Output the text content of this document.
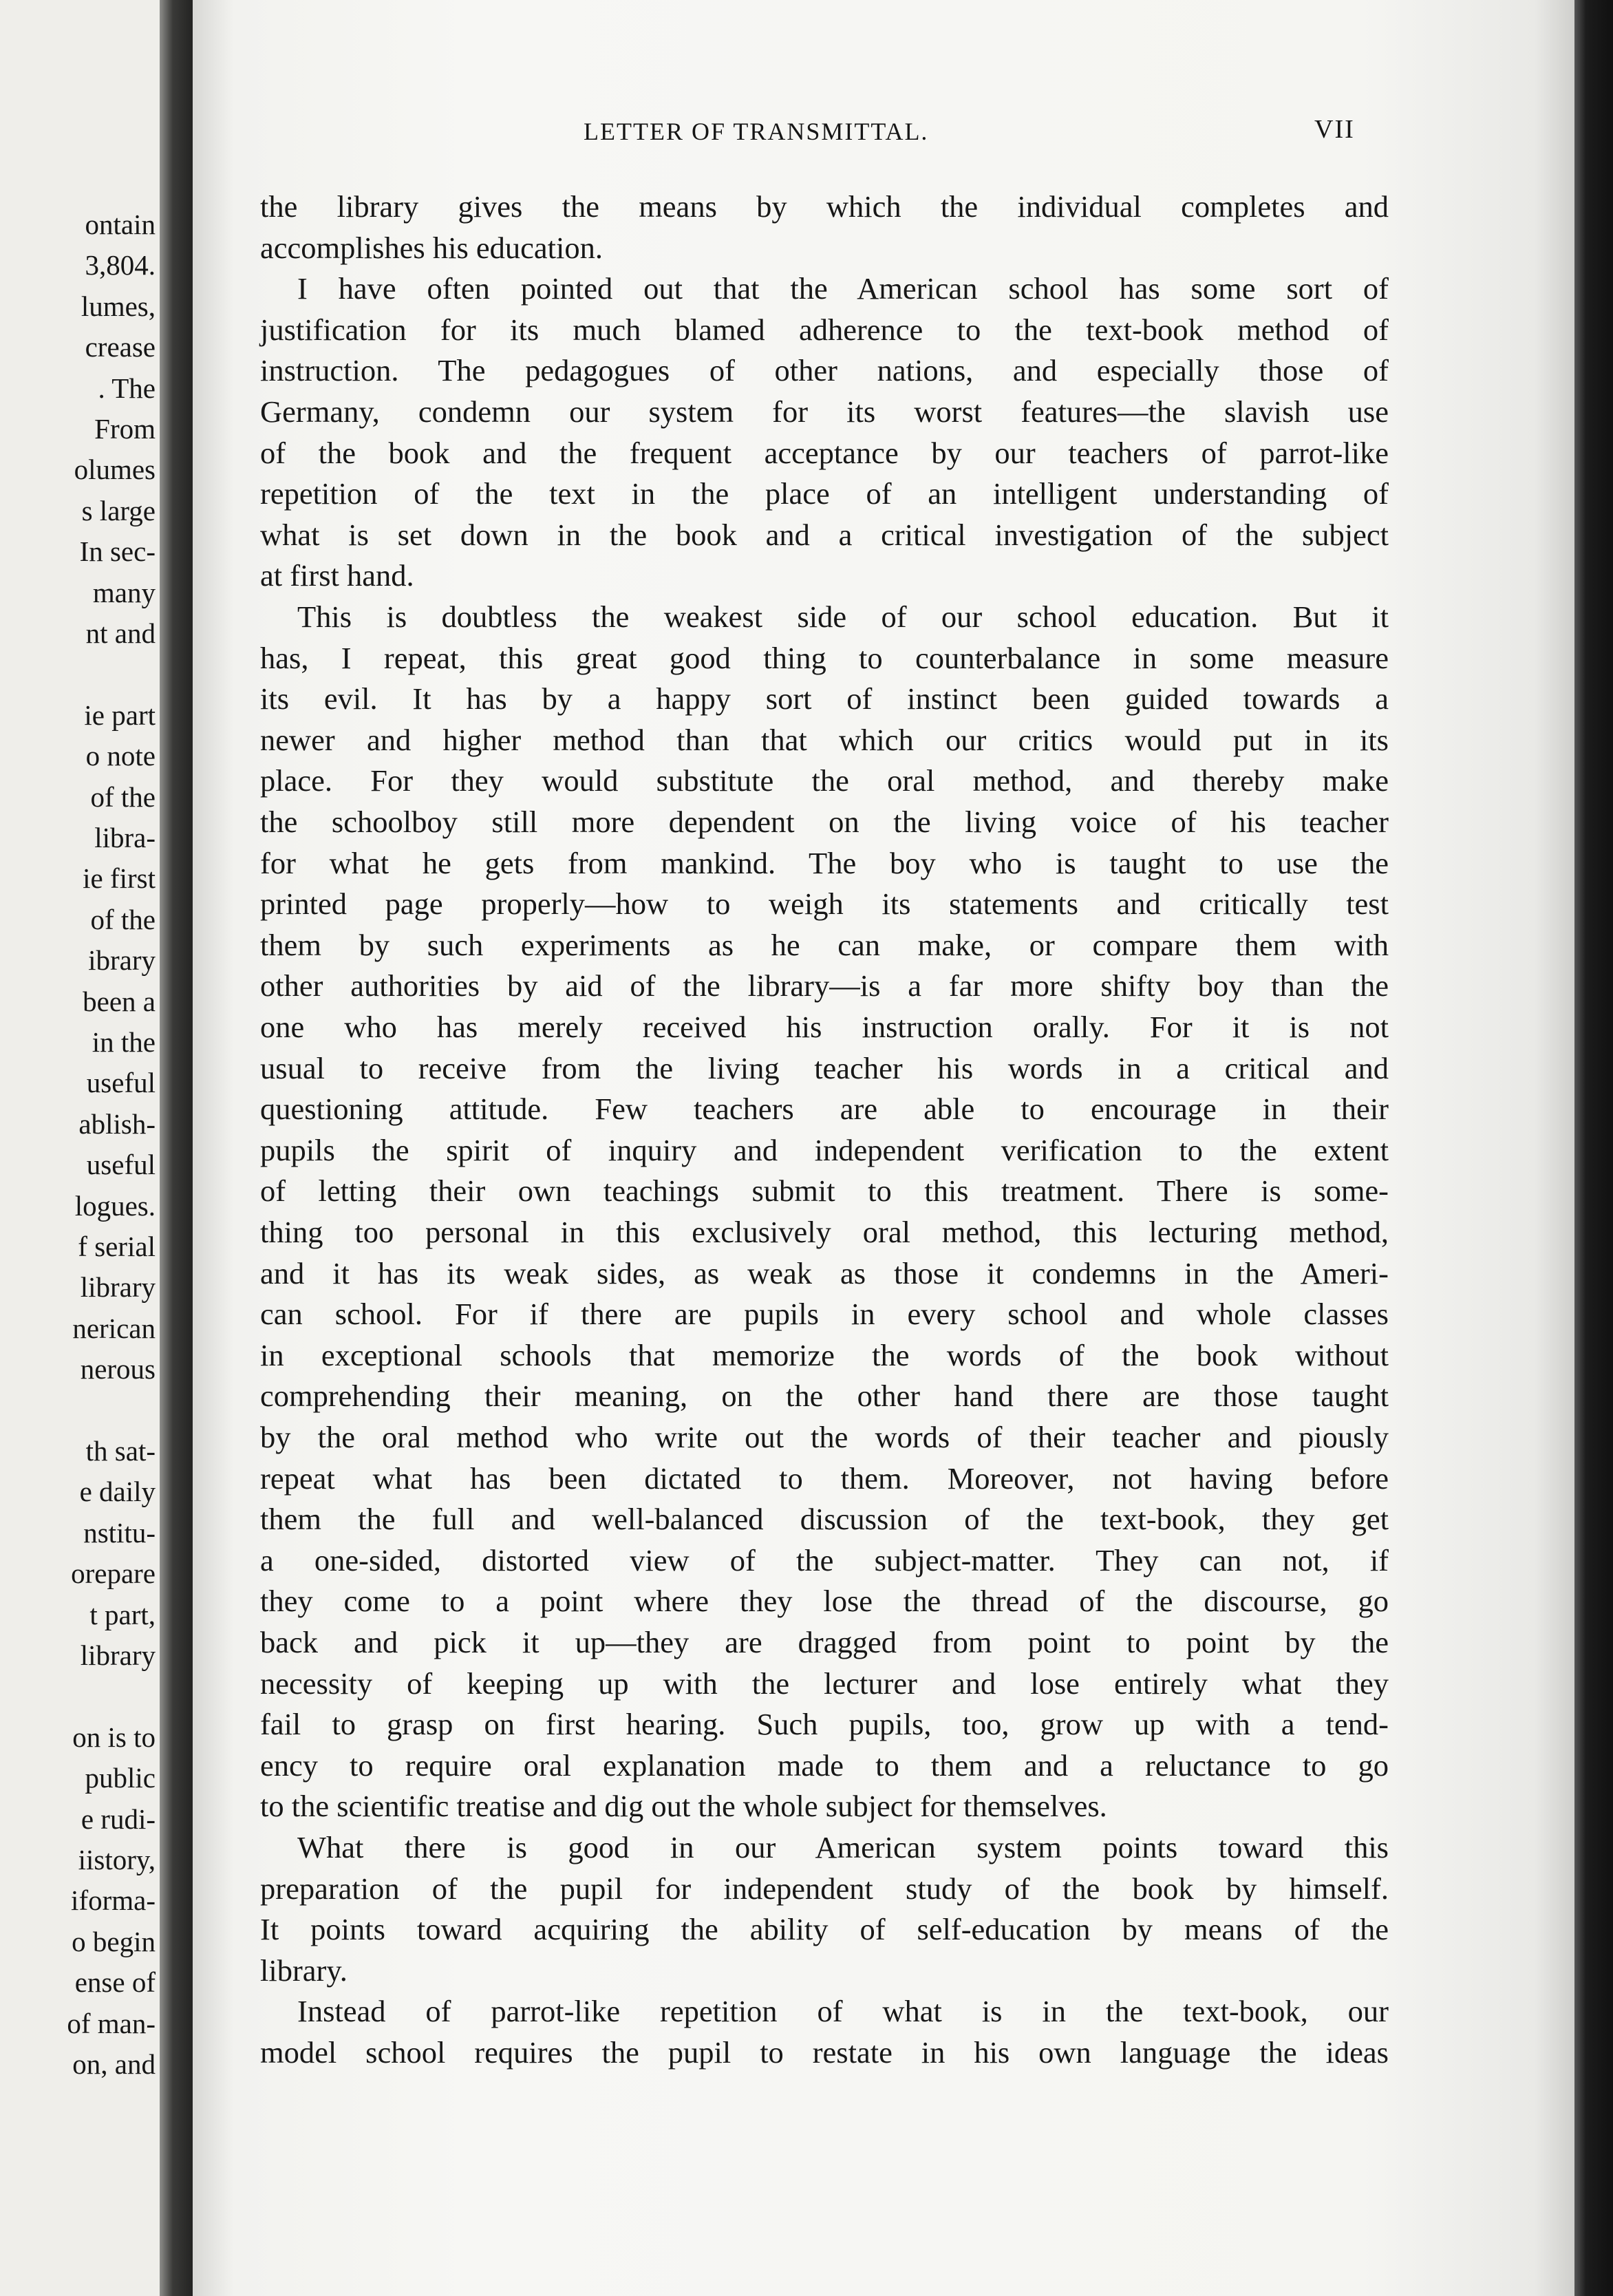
ontain
3,804.
lumes,
crease
. The
From
olumes
s large
In sec-
many
nt and
ie part
o note
of the
libra-
ie first
of the
ibrary
been a
in the
useful
ablish-
useful
logues.
f serial
library
nerican
nerous
th sat-
e daily
nstitu-
orepare
t part,
library
on is to
public
e rudi-
iistory,
iforma-
o begin
ense of
of man-
on, and
LETTER OF TRANSMITTAL.	VII
the library gives the means by which the individual completes and
accomplishes his education.
I have often pointed out that the American school has some sort of
justification for its much blamed adherence to the text-book method of
instruction. The pedagogues of other nations, and especially those of
Germany, condemn our system for its worst features—the slavish use
of the book and the frequent acceptance by our teachers of parrot-like
repetition of the text in the place of an intelligent understanding of
what is set down in the book and a critical investigation of the subject
at first hand.
This is doubtless the weakest side of our school education. But it
has, I repeat, this great good thing to counterbalance in some measure
its evil. It has by a happy sort of instinct been guided towards a
newer and higher method than that which our critics would put in its
place. For they would substitute the oral method, and thereby make
the schoolboy still more dependent on the living voice of his teacher
for what he gets from mankind. The boy who is taught to use the
printed page properly—how to weigh its statements and critically test
them by such experiments as he can make, or compare them with
other authorities by aid of the library—is a far more shifty boy than the
one who has merely received his instruction orally. For it is not
usual to receive from the living teacher his words in a critical and
questioning attitude. Few teachers are able to encourage in their
pupils the spirit of inquiry and independent verification to the extent
of letting their own teachings submit to this treatment. There is some-
thing too personal in this exclusively oral method, this lecturing method,
and it has its weak sides, as weak as those it condemns in the Ameri-
can school. For if there are pupils in every school and whole classes
in exceptional schools that memorize the words of the book without
comprehending their meaning, on the other hand there are those taught
by the oral method who write out the words of their teacher and piously
repeat what has been dictated to them. Moreover, not having before
them the full and well-balanced discussion of the text-book, they get
a one-sided, distorted view of the subject-matter. They can not, if
they come to a point where they lose the thread of the discourse, go
back and pick it up—they are dragged from point to point by the
necessity of keeping up with the lecturer and lose entirely what they
fail to grasp on first hearing. Such pupils, too, grow up with a tend-
ency to require oral explanation made to them and a reluctance to go
to the scientific treatise and dig out the whole subject for themselves.
What there is good in our American system points toward this
preparation of the pupil for independent study of the book by himself.
It points toward acquiring the ability of self-education by means of the
library.
Instead of parrot-like repetition of what is in the text-book, our
model school requires the pupil to restate in his own language the ideas
